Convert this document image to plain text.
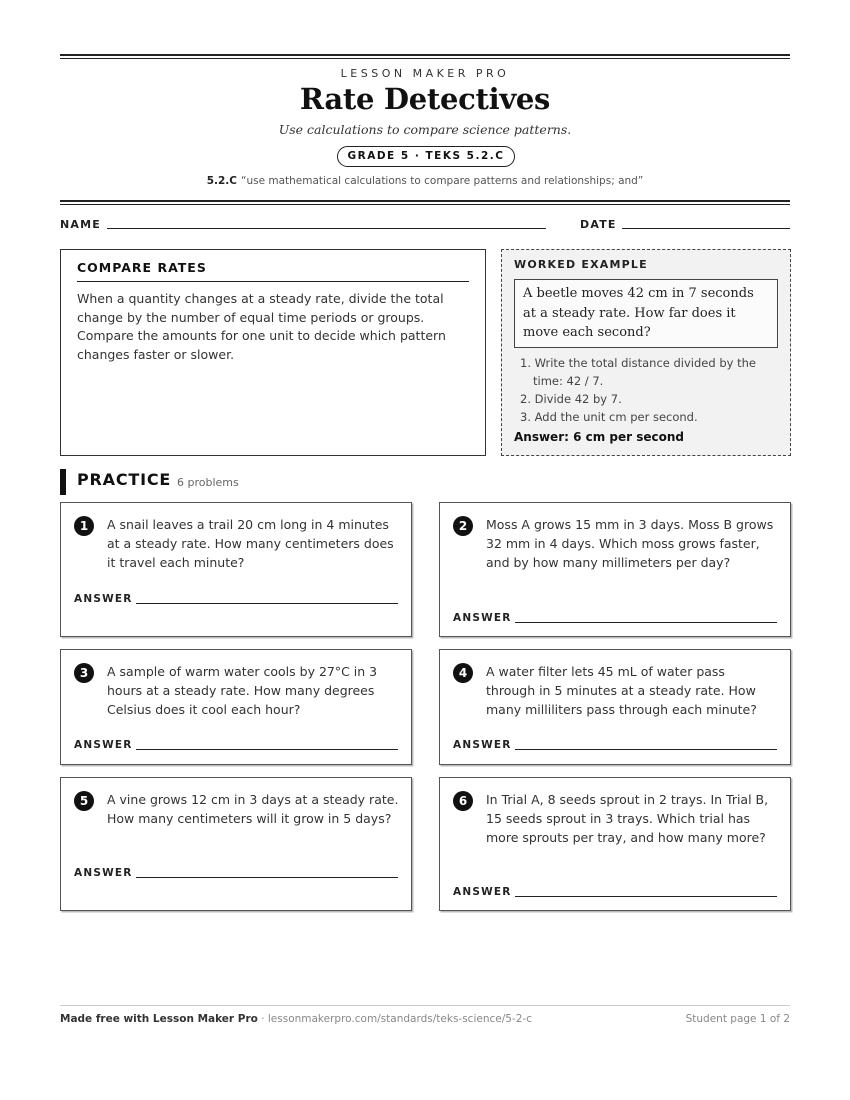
LESSON MAKER PRO
Rate Detectives
Use calculations to compare science patterns.
GRADE 5 · TEKS 5.2.C
5.2.C “use mathematical calculations to compare patterns and relationships; and”
NAME	DATE
COMPARE RATES
When a quantity changes at a steady rate, divide the total change by the number of equal time periods or groups. Compare the amounts for one unit to decide which pattern changes faster or slower.
WORKED EXAMPLE
A beetle moves 42 cm in 7 seconds at a steady rate. How far does it move each second?
1. Write the total distance divided by the time: 42 / 7.
2. Divide 42 by 7.
3. Add the unit cm per second.
Answer: 6 cm per second
PRACTICE 6 problems
1	A snail leaves a trail 20 cm long in 4 minutes at a steady rate. How many centimeters does it travel each minute?
ANSWER
2	Moss A grows 15 mm in 3 days. Moss B grows 32 mm in 4 days. Which moss grows faster, and by how many millimeters per day?
ANSWER
3	A sample of warm water cools by 27°C in 3 hours at a steady rate. How many degrees Celsius does it cool each hour?
ANSWER
4	A water filter lets 45 mL of water pass through in 5 minutes at a steady rate. How many milliliters pass through each minute?
ANSWER
5	A vine grows 12 cm in 3 days at a steady rate. How many centimeters will it grow in 5 days?
ANSWER
6	In Trial A, 8 seeds sprout in 2 trays. In Trial B, 15 seeds sprout in 3 trays. Which trial has more sprouts per tray, and how many more?
ANSWER
Made free with Lesson Maker Pro · lessonmakerpro.com/standards/teks-science/5-2-c	Student page 1 of 2
